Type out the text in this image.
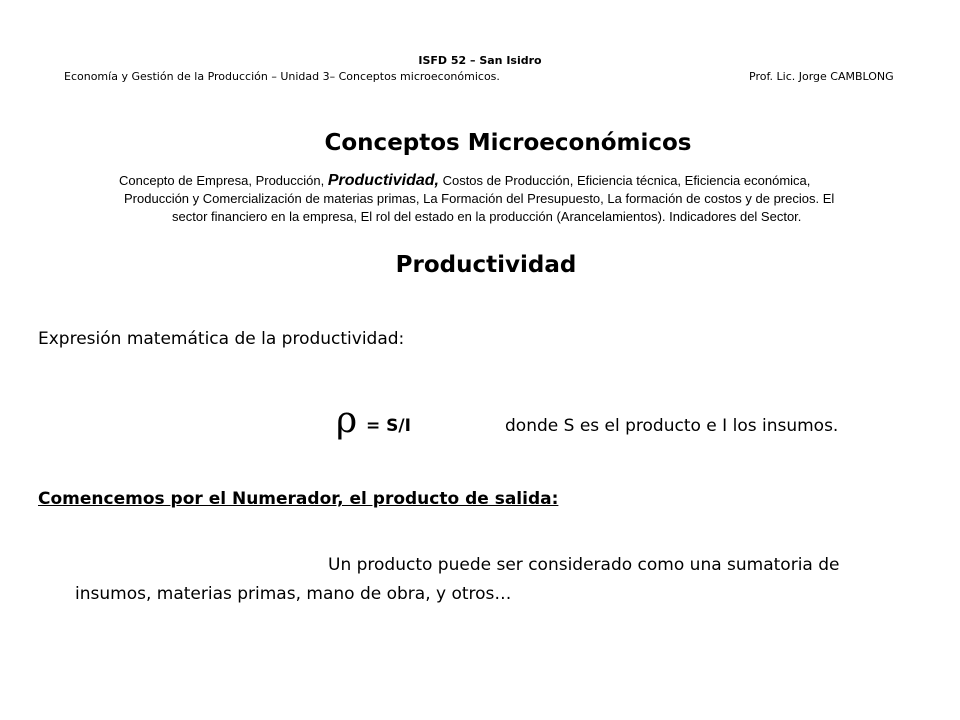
ISFD 52 – San Isidro
Economía y Gestión de la Producción – Unidad 3– Conceptos microeconómicos.	Prof. Lic. Jorge CAMBLONG
Conceptos Microeconómicos
Concepto de Empresa, Producción, Productividad, Costos de Producción, Eficiencia técnica, Eficiencia económica,
Producción y Comercialización de materias primas, La Formación del Presupuesto, La formación de costos y de precios. El
sector financiero en la empresa, El rol del estado en la producción (Arancelamientos). Indicadores del Sector.
Productividad
Expresión matemática de la productividad:
ρ = S/I	donde S es el producto e I los insumos.
Comencemos por el Numerador, el producto de salida:
Un producto puede ser considerado como una sumatoria de
insumos, materias primas, mano de obra, y otros…
